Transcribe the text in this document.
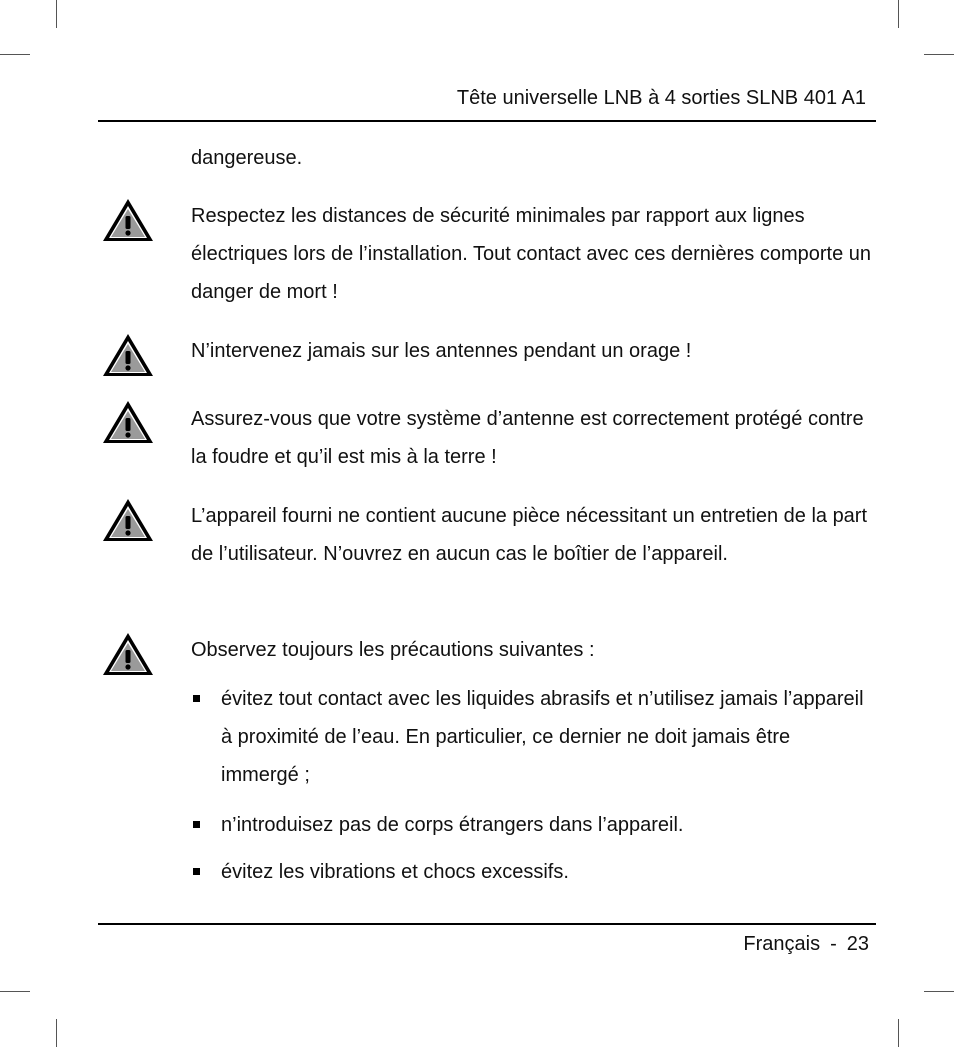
Tête universelle LNB à 4 sorties SLNB 401 A1
dangereuse.
Respectez les distances de sécurité minimales par rapport aux lignes électriques lors de l’installation. Tout contact avec ces dernières comporte un danger de mort !
N’intervenez jamais sur les antennes pendant un orage !
Assurez-vous que votre système d’antenne est correctement protégé contre la foudre et qu’il est mis à la terre !
L’appareil fourni ne contient aucune pièce nécessitant un entretien de la part de l’utilisateur. N’ouvrez en aucun cas le boîtier de l’appareil.
Observez toujours les précautions suivantes :
évitez tout contact avec les liquides abrasifs et n’utilisez jamais l’appareil à proximité de l’eau. En particulier, ce dernier ne doit jamais être immergé ;
n’introduisez pas de corps étrangers dans l’appareil.
évitez les vibrations et chocs excessifs.
Français - 23
